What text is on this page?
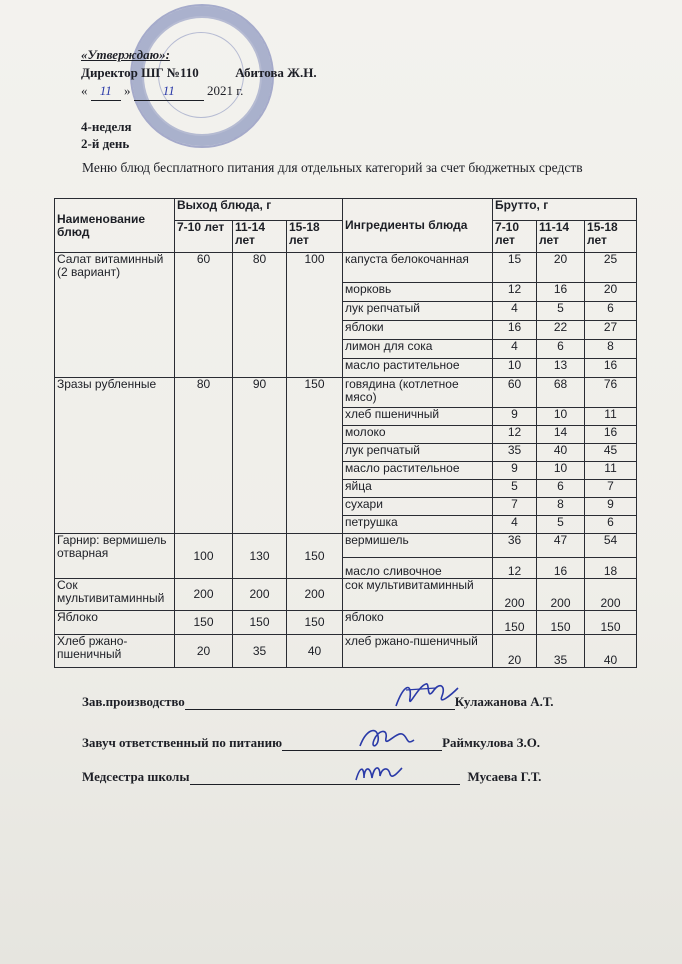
«Утверждаю»:
Директор ШГ №110	Абитова Ж.Н.
« 11 » 11 2021 г.
4-неделя
2-й день
Меню блюд бесплатного питания для отдельных категорий за счет бюджетных средств
Наименование блюд	Выход блюда, г			Ингредиенты блюда	Брутто, г		
	7-10 лет	11-14 лет	15-18 лет		7-10 лет	11-14 лет	15-18 лет
Салат витаминный (2 вариант)	60	80	100	капуста белокочанная	15	20	25
				морковь	12	16	20
				лук репчатый	4	5	6
				яблоки	16	22	27
				лимон для сока	4	6	8
				масло растительное	10	13	16
Зразы рубленные	80	90	150	говядина (котлетное мясо)	60	68	76
				хлеб пшеничный	9	10	11
				молоко	12	14	16
				лук репчатый	35	40	45
				масло растительное	9	10	11
				яйца	5	6	7
				сухари	7	8	9
				петрушка	4	5	6
Гарнир: вермишель отварная	100	130	150	вермишель	36	47	54
				масло сливочное	12	16	18
Сок мультивитаминный	200	200	200	сок мультивитаминный	200	200	200
Яблоко	150	150	150	яблоко	150	150	150
Хлеб ржано-пшеничный	20	35	40	хлеб ржано-пшеничный	20	35	40
Зав.производство	Кулажанова А.Т.
Завуч ответственный по питанию	Раймкулова З.О.
Медсестра школы	Мусаева Г.Т.
